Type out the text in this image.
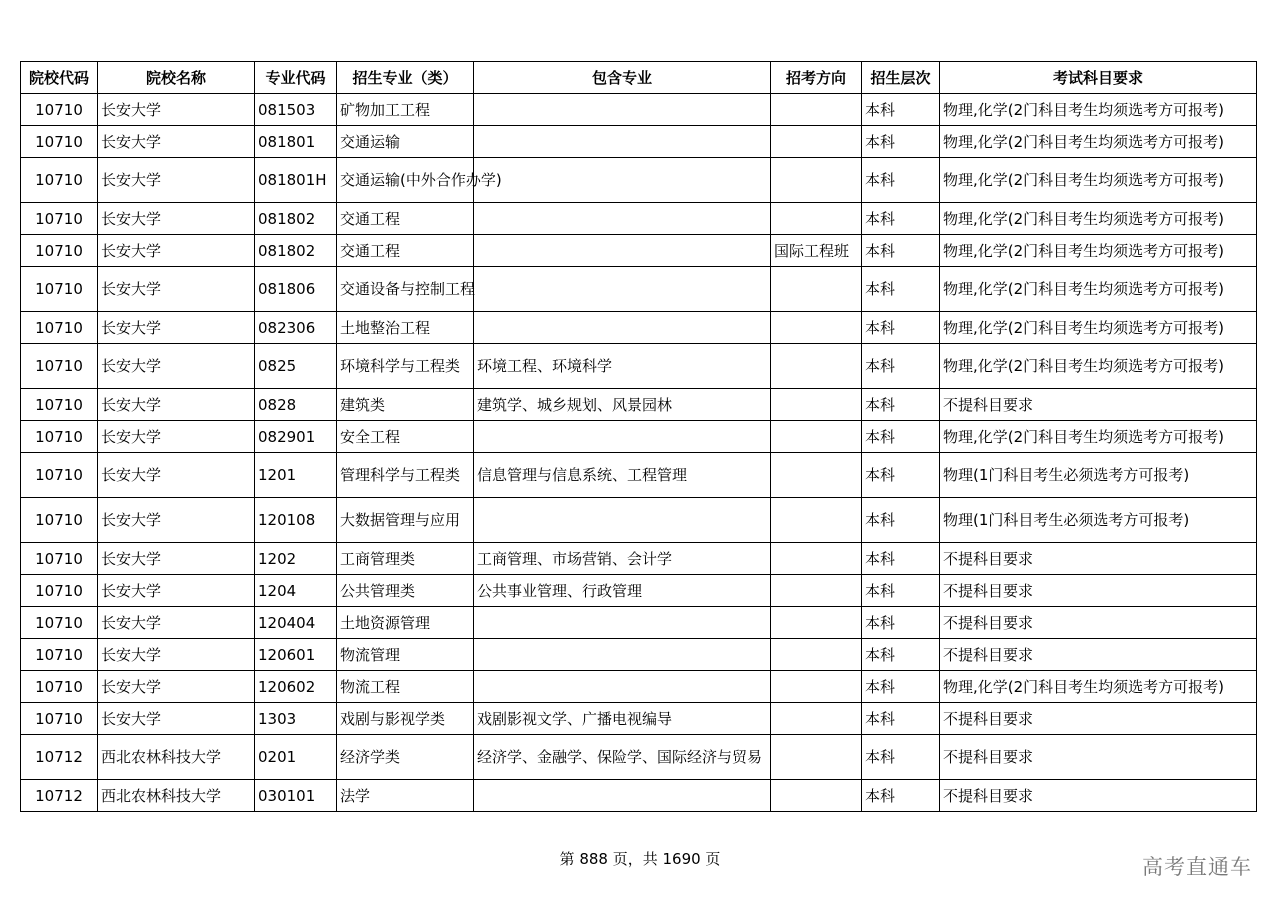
院校代码	院校名称	专业代码	招生专业（类）	包含专业	招考方向	招生层次	考试科目要求
10710	长安大学	081503	矿物加工工程			本科	物理,化学(2门科目考生均须选考方可报考)
10710	长安大学	081801	交通运输			本科	物理,化学(2门科目考生均须选考方可报考)
10710	长安大学	081801H	交通运输(中外合作办学)			本科	物理,化学(2门科目考生均须选考方可报考)
10710	长安大学	081802	交通工程			本科	物理,化学(2门科目考生均须选考方可报考)
10710	长安大学	081802	交通工程		国际工程班	本科	物理,化学(2门科目考生均须选考方可报考)
10710	长安大学	081806	交通设备与控制工程			本科	物理,化学(2门科目考生均须选考方可报考)
10710	长安大学	082306	土地整治工程			本科	物理,化学(2门科目考生均须选考方可报考)
10710	长安大学	0825	环境科学与工程类	环境工程、环境科学		本科	物理,化学(2门科目考生均须选考方可报考)
10710	长安大学	0828	建筑类	建筑学、城乡规划、风景园林		本科	不提科目要求
10710	长安大学	082901	安全工程			本科	物理,化学(2门科目考生均须选考方可报考)
10710	长安大学	1201	管理科学与工程类	信息管理与信息系统、工程管理		本科	物理(1门科目考生必须选考方可报考)
10710	长安大学	120108	大数据管理与应用			本科	物理(1门科目考生必须选考方可报考)
10710	长安大学	1202	工商管理类	工商管理、市场营销、会计学		本科	不提科目要求
10710	长安大学	1204	公共管理类	公共事业管理、行政管理		本科	不提科目要求
10710	长安大学	120404	土地资源管理			本科	不提科目要求
10710	长安大学	120601	物流管理			本科	不提科目要求
10710	长安大学	120602	物流工程			本科	物理,化学(2门科目考生均须选考方可报考)
10710	长安大学	1303	戏剧与影视学类	戏剧影视文学、广播电视编导		本科	不提科目要求
10712	西北农林科技大学	0201	经济学类	经济学、金融学、保险学、国际经济与贸易		本科	不提科目要求
10712	西北农林科技大学	030101	法学			本科	不提科目要求
第 888 页，共 1690 页	高考直通车
